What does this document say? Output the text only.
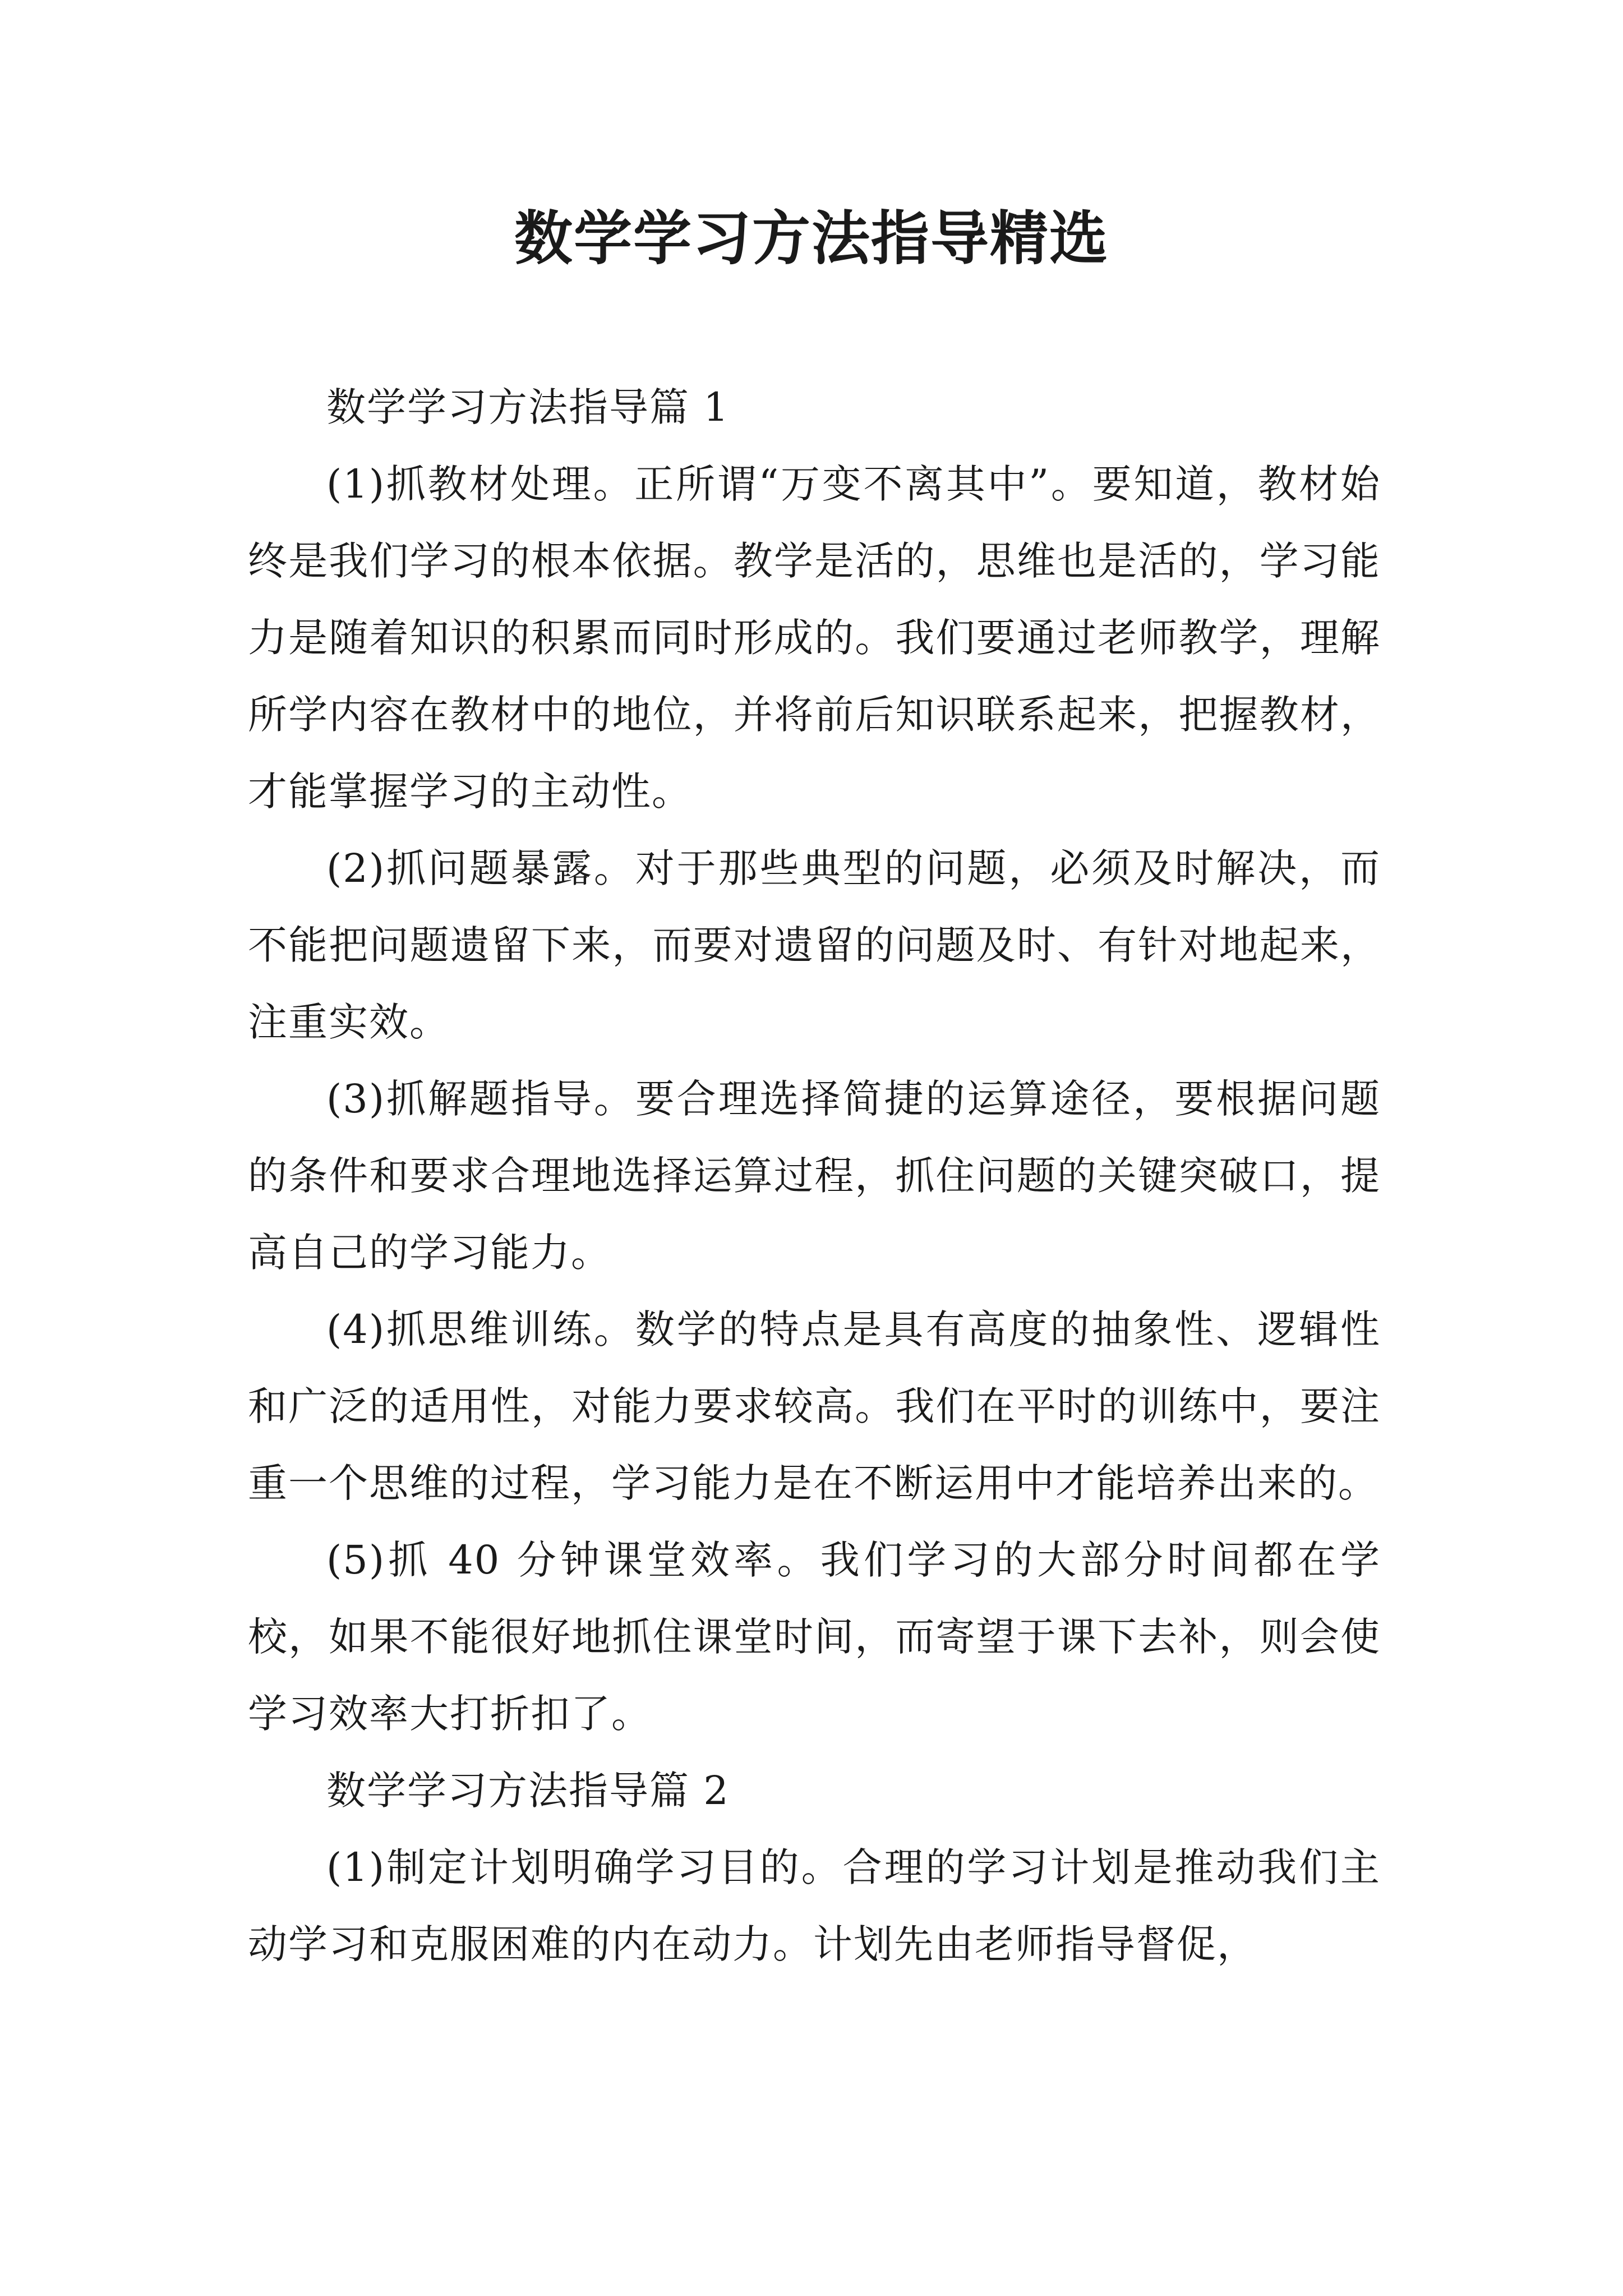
数学学习方法指导精选

数学学习方法指导篇 1

(1)抓教材处理。正所谓“万变不离其中”。要知道，教材始终是我们学习的根本依据。教学是活的，思维也是活的，学习能力是随着知识的积累而同时形成的。我们要通过老师教学，理解所学内容在教材中的地位，并将前后知识联系起来，把握教材，才能掌握学习的主动性。

(2)抓问题暴露。对于那些典型的问题，必须及时解决，而不能把问题遗留下来，而要对遗留的问题及时、有针对地起来，注重实效。

(3)抓解题指导。要合理选择简捷的运算途径，要根据问题的条件和要求合理地选择运算过程，抓住问题的关键突破口，提高自己的学习能力。

(4)抓思维训练。数学的特点是具有高度的抽象性、逻辑性和广泛的适用性，对能力要求较高。我们在平时的训练中，要注重一个思维的过程，学习能力是在不断运用中才能培养出来的。

(5)抓 40 分钟课堂效率。我们学习的大部分时间都在学校，如果不能很好地抓住课堂时间，而寄望于课下去补，则会使学习效率大打折扣了。

数学学习方法指导篇 2

(1)制定计划明确学习目的。合理的学习计划是推动我们主动学习和克服困难的内在动力。计划先由老师指导督促，
